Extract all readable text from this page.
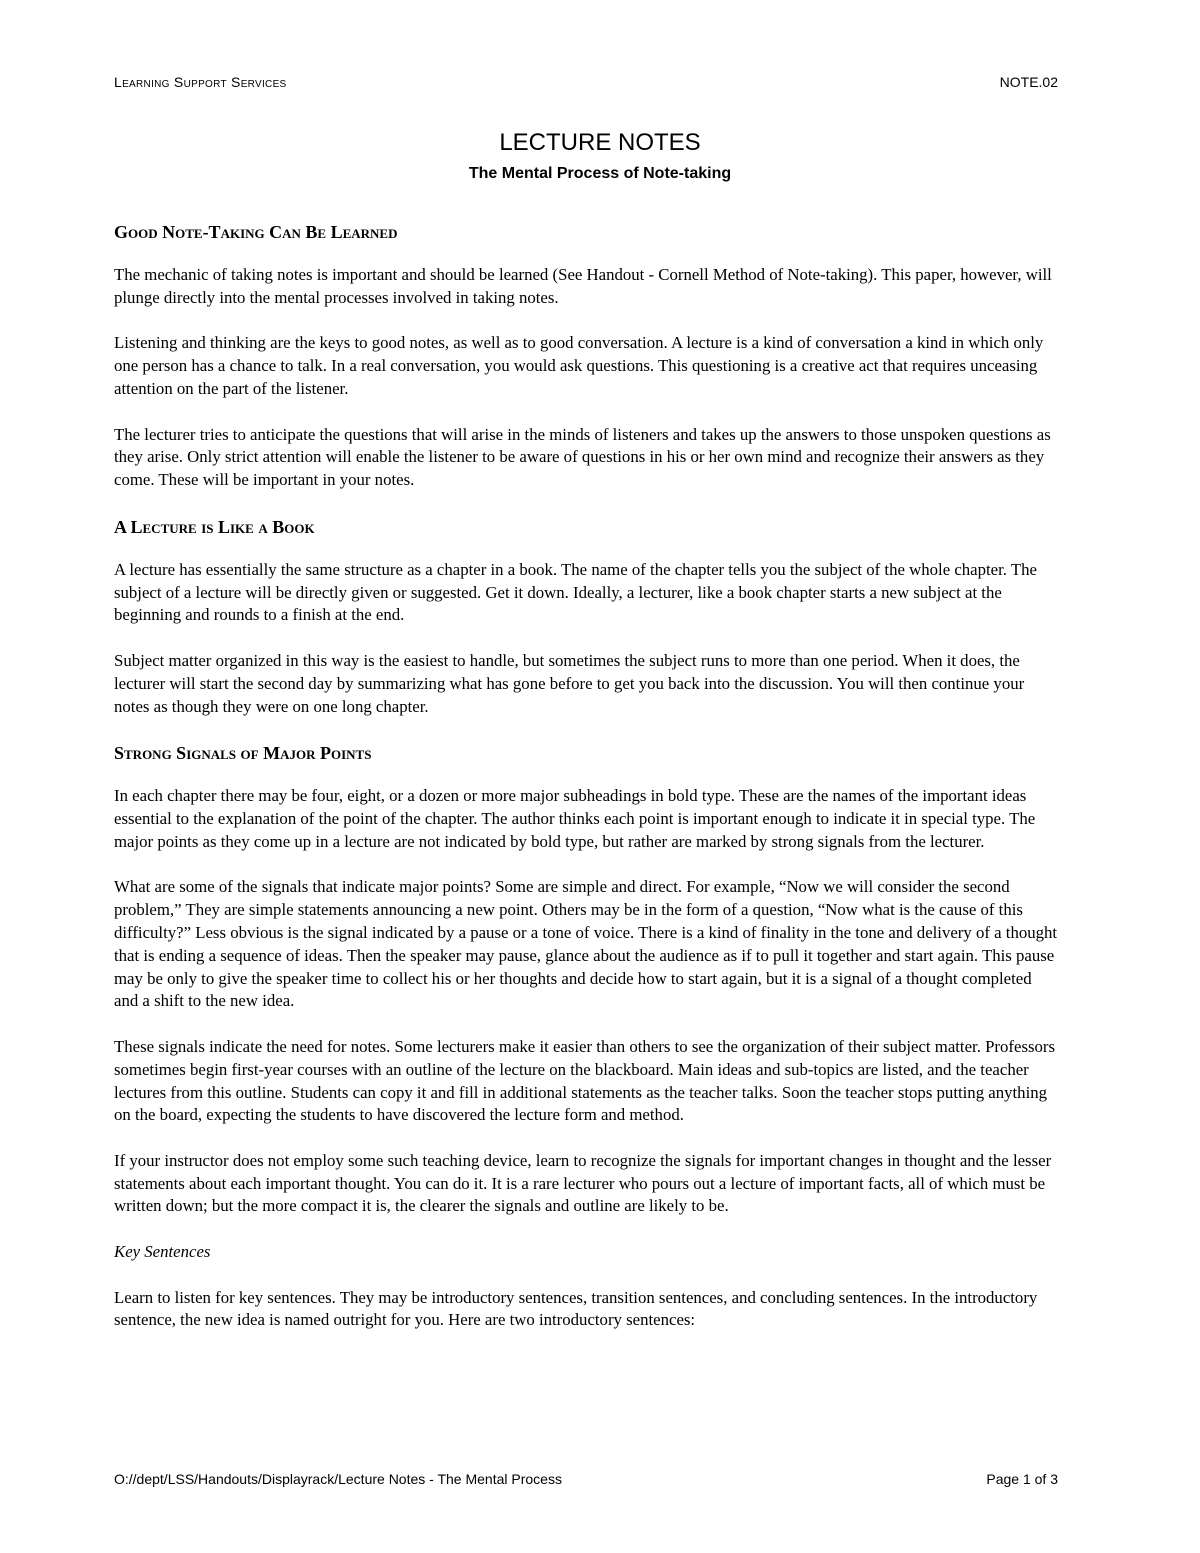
Learning Support Services	NOTE.02
LECTURE NOTES
The Mental Process of Note-taking
Good Note-Taking Can Be Learned

The mechanic of taking notes is important and should be learned (See Handout - Cornell Method of Note-taking). This paper, however, will plunge directly into the mental processes involved in taking notes.

Listening and thinking are the keys to good notes, as well as to good conversation. A lecture is a kind of conversation a kind in which only one person has a chance to talk. In a real conversation, you would ask questions. This questioning is a creative act that requires unceasing attention on the part of the listener.

The lecturer tries to anticipate the questions that will arise in the minds of listeners and takes up the answers to those unspoken questions as they arise. Only strict attention will enable the listener to be aware of questions in his or her own mind and recognize their answers as they come. These will be important in your notes.

A Lecture is Like a Book

A lecture has essentially the same structure as a chapter in a book. The name of the chapter tells you the subject of the whole chapter. The subject of a lecture will be directly given or suggested. Get it down. Ideally, a lecturer, like a book chapter starts a new subject at the beginning and rounds to a finish at the end.

Subject matter organized in this way is the easiest to handle, but sometimes the subject runs to more than one period. When it does, the lecturer will start the second day by summarizing what has gone before to get you back into the discussion. You will then continue your notes as though they were on one long chapter.

Strong Signals of Major Points

In each chapter there may be four, eight, or a dozen or more major subheadings in bold type. These are the names of the important ideas essential to the explanation of the point of the chapter. The author thinks each point is important enough to indicate it in special type. The major points as they come up in a lecture are not indicated by bold type, but rather are marked by strong signals from the lecturer.

What are some of the signals that indicate major points? Some are simple and direct. For example, “Now we will consider the second problem,” They are simple statements announcing a new point. Others may be in the form of a question, “Now what is the cause of this difficulty?” Less obvious is the signal indicated by a pause or a tone of voice. There is a kind of finality in the tone and delivery of a thought that is ending a sequence of ideas. Then the speaker may pause, glance about the audience as if to pull it together and start again. This pause may be only to give the speaker time to collect his or her thoughts and decide how to start again, but it is a signal of a thought completed and a shift to the new idea.

These signals indicate the need for notes. Some lecturers make it easier than others to see the organization of their subject matter. Professors sometimes begin first-year courses with an outline of the lecture on the blackboard. Main ideas and sub-topics are listed, and the teacher lectures from this outline. Students can copy it and fill in additional statements as the teacher talks. Soon the teacher stops putting anything on the board, expecting the students to have discovered the lecture form and method.

If your instructor does not employ some such teaching device, learn to recognize the signals for important changes in thought and the lesser statements about each important thought. You can do it. It is a rare lecturer who pours out a lecture of important facts, all of which must be written down; but the more compact it is, the clearer the signals and outline are likely to be.

Key Sentences

Learn to listen for key sentences. They may be introductory sentences, transition sentences, and concluding sentences. In the introductory sentence, the new idea is named outright for you. Here are two introductory sentences:

O://dept/LSS/Handouts/Displayrack/Lecture Notes - The Mental Process	Page 1 of 3
